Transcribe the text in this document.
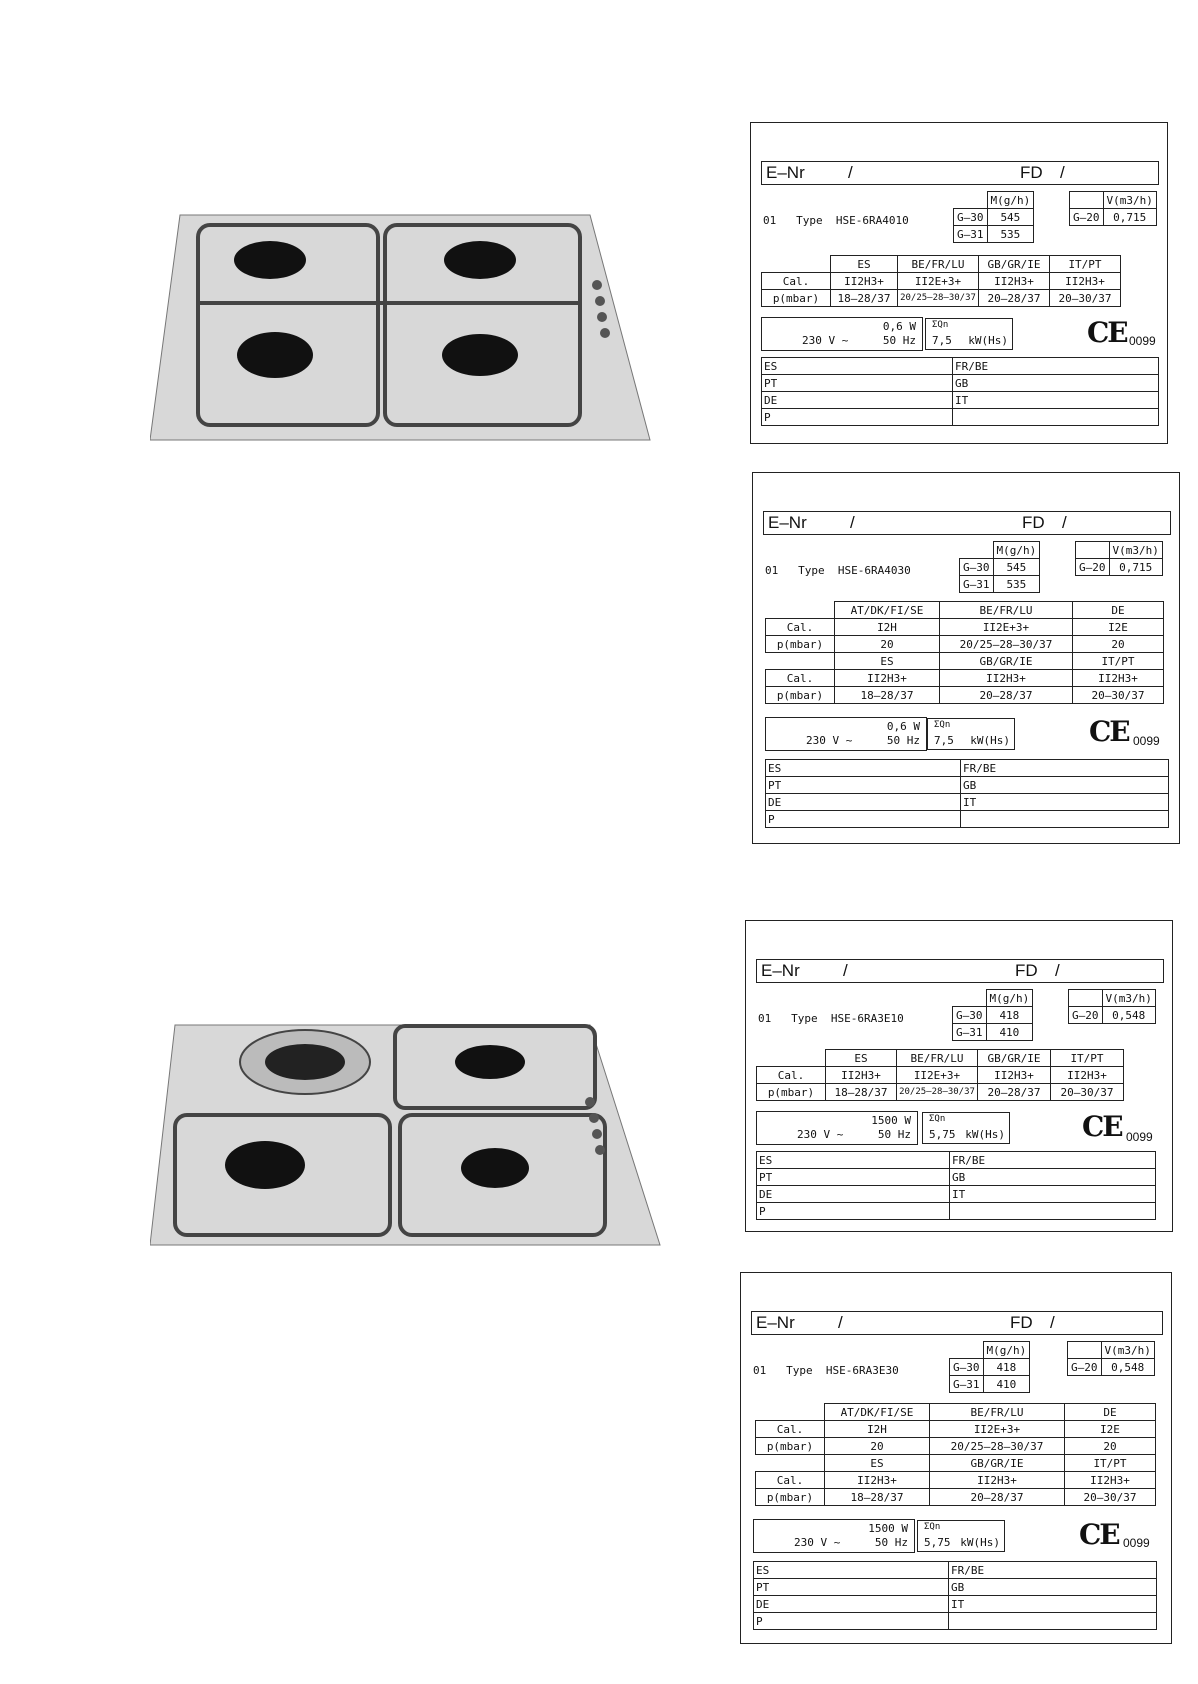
E–Nr	/	FD /
01 Type HSE-6RA4010
	M(g/h)
G–30	545
G–31	535
	V(m3/h)
G–20	0,715
	ES	BE/FR/LU	GB/GR/IE	IT/PT
Cal.	II2H3+	II2E+3+	II2H3+	II2H3+
p(mbar)	18–28/37	20/25–28–30/37	20–28/37	20–30/37
0,6 W
230 V ~	50 Hz
ΣQn
7,5 kW(Hs)	CE 0099
ES	FR/BE
PT	GB
DE	IT
P	
E–Nr	/	FD /
01 Type HSE-6RA4030
	M(g/h)
G–30	545
G–31	535
	V(m3/h)
G–20	0,715
	AT/DK/FI/SE	BE/FR/LU	DE
Cal.	I2H	II2E+3+	I2E
p(mbar)	20	20/25–28–30/37	20
	ES	GB/GR/IE	IT/PT
Cal.	II2H3+	II2H3+	II2H3+
p(mbar)	18–28/37	20–28/37	20–30/37
0,6 W
230 V ~	50 Hz
ΣQn
7,5 kW(Hs)	CE 0099
ES	FR/BE
PT	GB
DE	IT
P	
E–Nr	/	FD /
01 Type HSE-6RA3E10
	M(g/h)
G–30	418
G–31	410
	V(m3/h)
G–20	0,548
	ES	BE/FR/LU	GB/GR/IE	IT/PT
Cal.	II2H3+	II2E+3+	II2H3+	II2H3+
p(mbar)	18–28/37	20/25–28–30/37	20–28/37	20–30/37
1500 W
230 V ~	50 Hz
ΣQn
5,75 kW(Hs)	CE 0099
ES	FR/BE
PT	GB
DE	IT
P	
E–Nr	/	FD /
01 Type HSE-6RA3E30
	M(g/h)
G–30	418
G–31	410
	V(m3/h)
G–20	0,548
	AT/DK/FI/SE	BE/FR/LU	DE
Cal.	I2H	II2E+3+	I2E
p(mbar)	20	20/25–28–30/37	20
	ES	GB/GR/IE	IT/PT
Cal.	II2H3+	II2H3+	II2H3+
p(mbar)	18–28/37	20–28/37	20–30/37
1500 W
230 V ~	50 Hz
ΣQn
5,75 kW(Hs)	CE 0099
ES	FR/BE
PT	GB
DE	IT
P	
